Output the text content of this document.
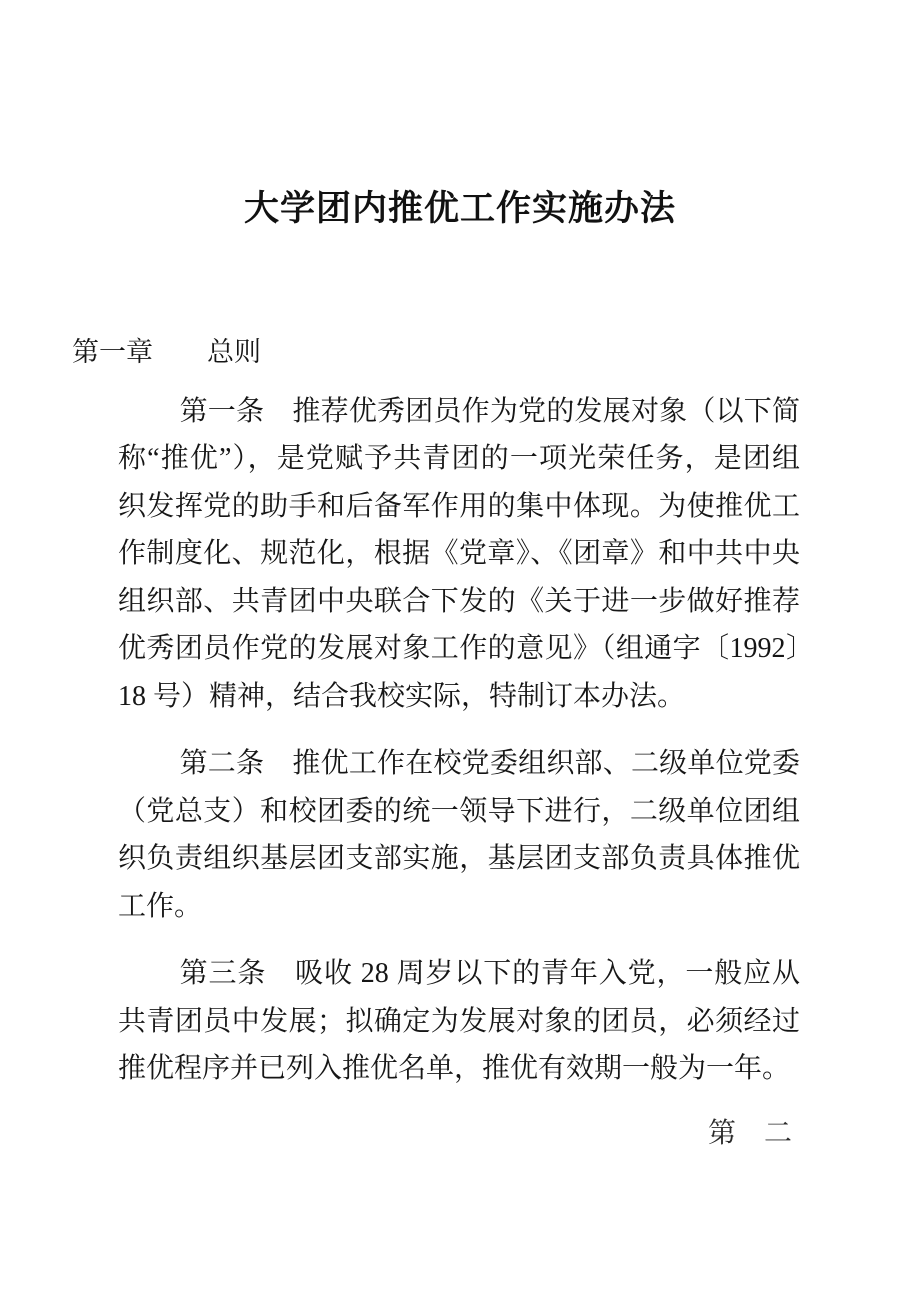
大学团内推优工作实施办法
第一章　　总则

第一条　推荐优秀团员作为党的发展对象（以下简称“推优”），是党赋予共青团的一项光荣任务，是团组织发挥党的助手和后备军作用的集中体现。为使推优工作制度化、规范化，根据《党章》、《团章》和中共中央组织部、共青团中央联合下发的《关于进一步做好推荐优秀团员作党的发展对象工作的意见》（组通字〔1992〕18 号）精神，结合我校实际，特制订本办法。

第二条　推优工作在校党委组织部、二级单位党委（党总支）和校团委的统一领导下进行，二级单位团组织负责组织基层团支部实施，基层团支部负责具体推优工作。

第三条　吸收 28 周岁以下的青年入党，一般应从共青团员中发展；拟确定为发展对象的团员，必须经过推优程序并已列入推优名单，推优有效期一般为一年。

第　二
